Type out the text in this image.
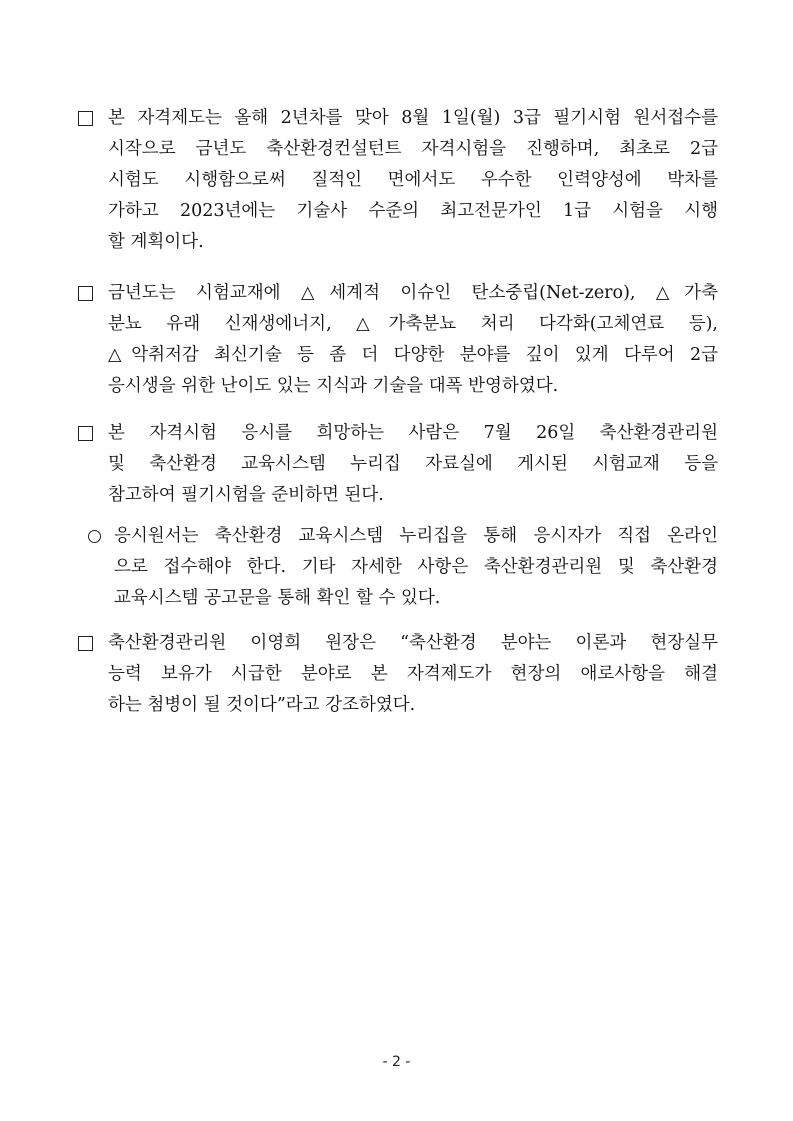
본 자격제도는 올해 2년차를 맞아 8월 1일(월) 3급 필기시험 원서접수를
시작으로 금년도 축산환경컨설턴트 자격시험을 진행하며, 최초로 2급
시험도 시행함으로써 질적인 면에서도 우수한 인력양성에 박차를
가하고 2023년에는 기술사 수준의 최고전문가인 1급 시험을 시행
할 계획이다.
금년도는 시험교재에 △세계적 이슈인 탄소중립(Net-zero), △가축
분뇨 유래 신재생에너지, △가축분뇨 처리 다각화(고체연료 등),
△악취저감 최신기술 등 좀 더 다양한 분야를 깊이 있게 다루어 2급
응시생을 위한 난이도 있는 지식과 기술을 대폭 반영하였다.
본 자격시험 응시를 희망하는 사람은 7월 26일 축산환경관리원
및 축산환경 교육시스템 누리집 자료실에 게시된 시험교재 등을
참고하여 필기시험을 준비하면 된다.
응시원서는 축산환경 교육시스템 누리집을 통해 응시자가 직접 온라인
으로 접수해야 한다. 기타 자세한 사항은 축산환경관리원 및 축산환경
교육시스템 공고문을 통해 확인 할 수 있다.
축산환경관리원 이영희 원장은 “축산환경 분야는 이론과 현장실무
능력 보유가 시급한 분야로 본 자격제도가 현장의 애로사항을 해결
하는 첨병이 될 것이다”라고 강조하였다.
- 2 -
